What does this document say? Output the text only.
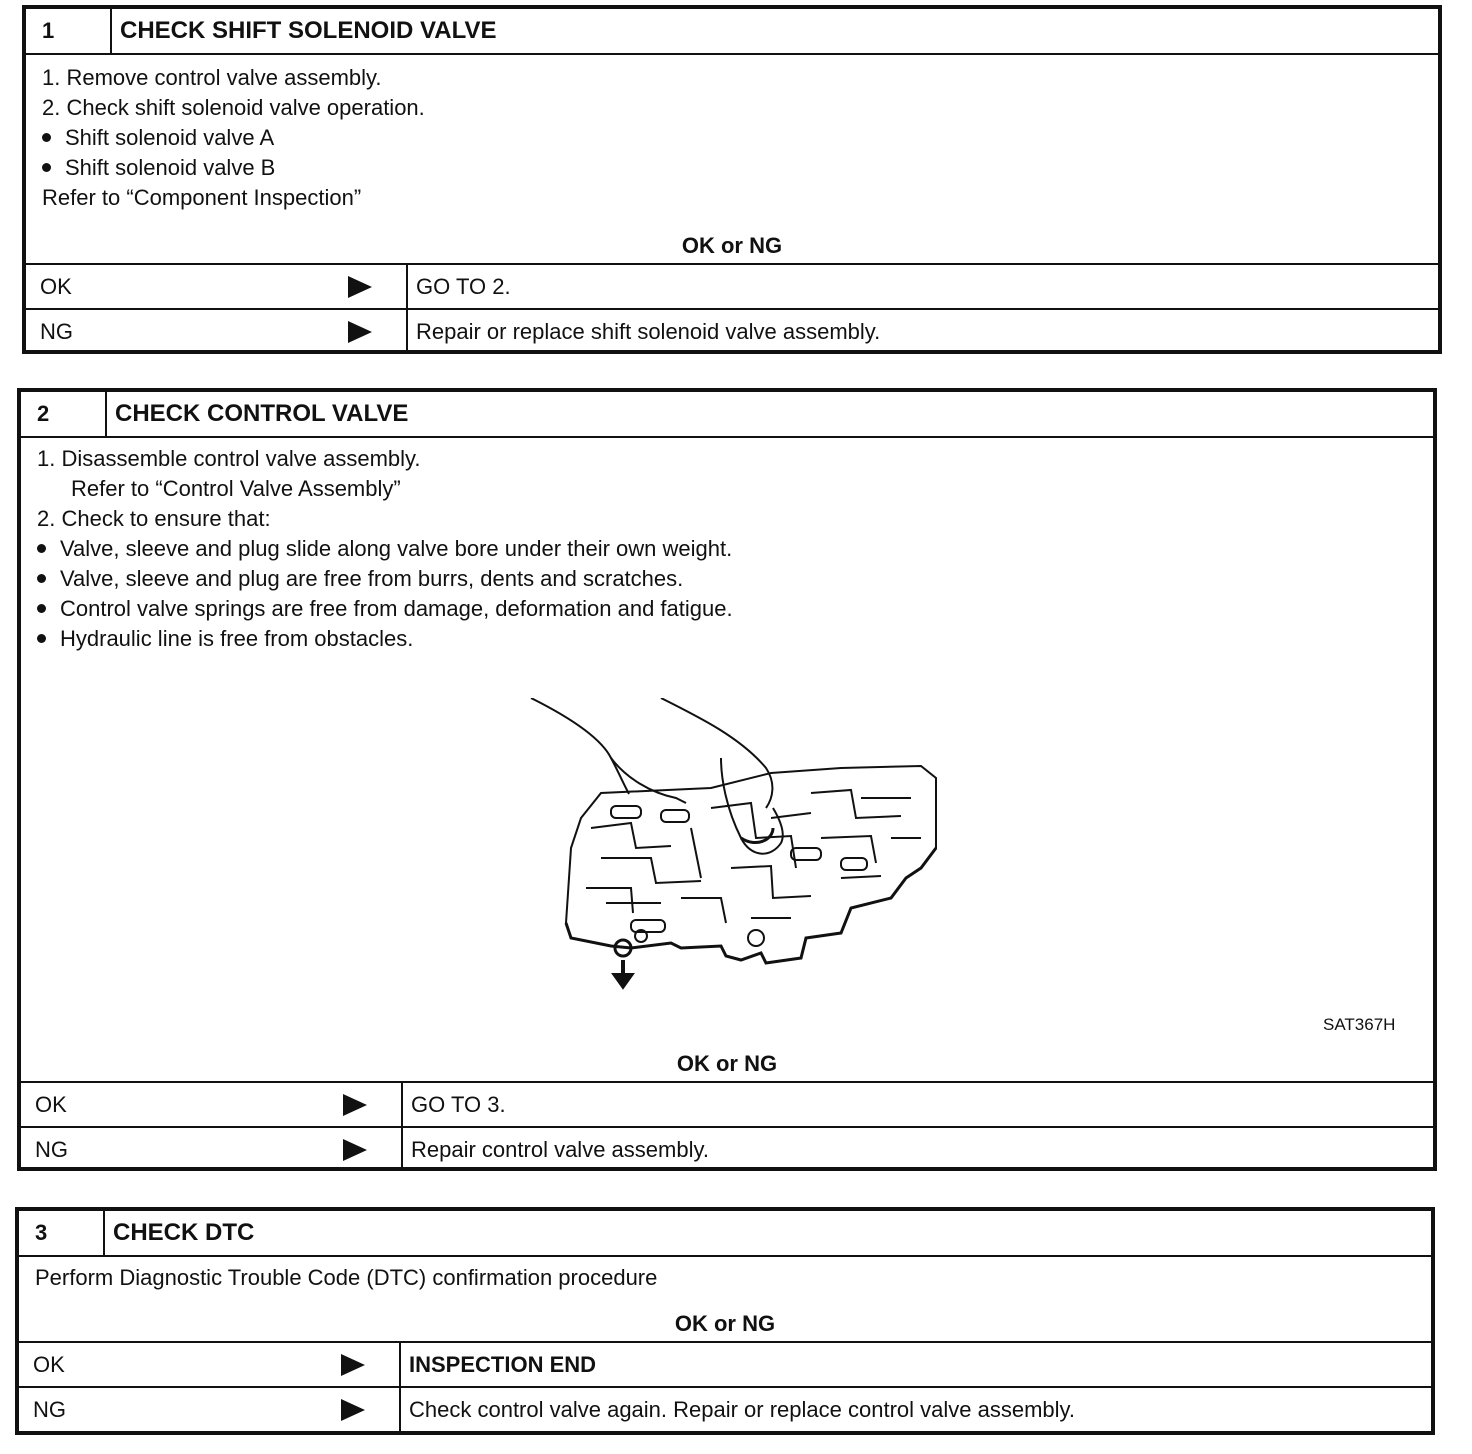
1	CHECK SHIFT SOLENOID VALVE
1. Remove control valve assembly.
2. Check shift solenoid valve operation.
Shift solenoid valve A
Shift solenoid valve B
Refer to “Component Inspection”
OK or NG
OK	GO TO 2.
NG	Repair or replace shift solenoid valve assembly.
2	CHECK CONTROL VALVE
1. Disassemble control valve assembly.
Refer to “Control Valve Assembly”
2. Check to ensure that:
Valve, sleeve and plug slide along valve bore under their own weight.
Valve, sleeve and plug are free from burrs, dents and scratches.
Control valve springs are free from damage, deformation and fatigue.
Hydraulic line is free from obstacles.
SAT367H
OK or NG
OK	GO TO 3.
NG	Repair control valve assembly.
3	CHECK DTC
Perform Diagnostic Trouble Code (DTC) confirmation procedure
OK or NG
OK	INSPECTION END
NG	Check control valve again. Repair or replace control valve assembly.
